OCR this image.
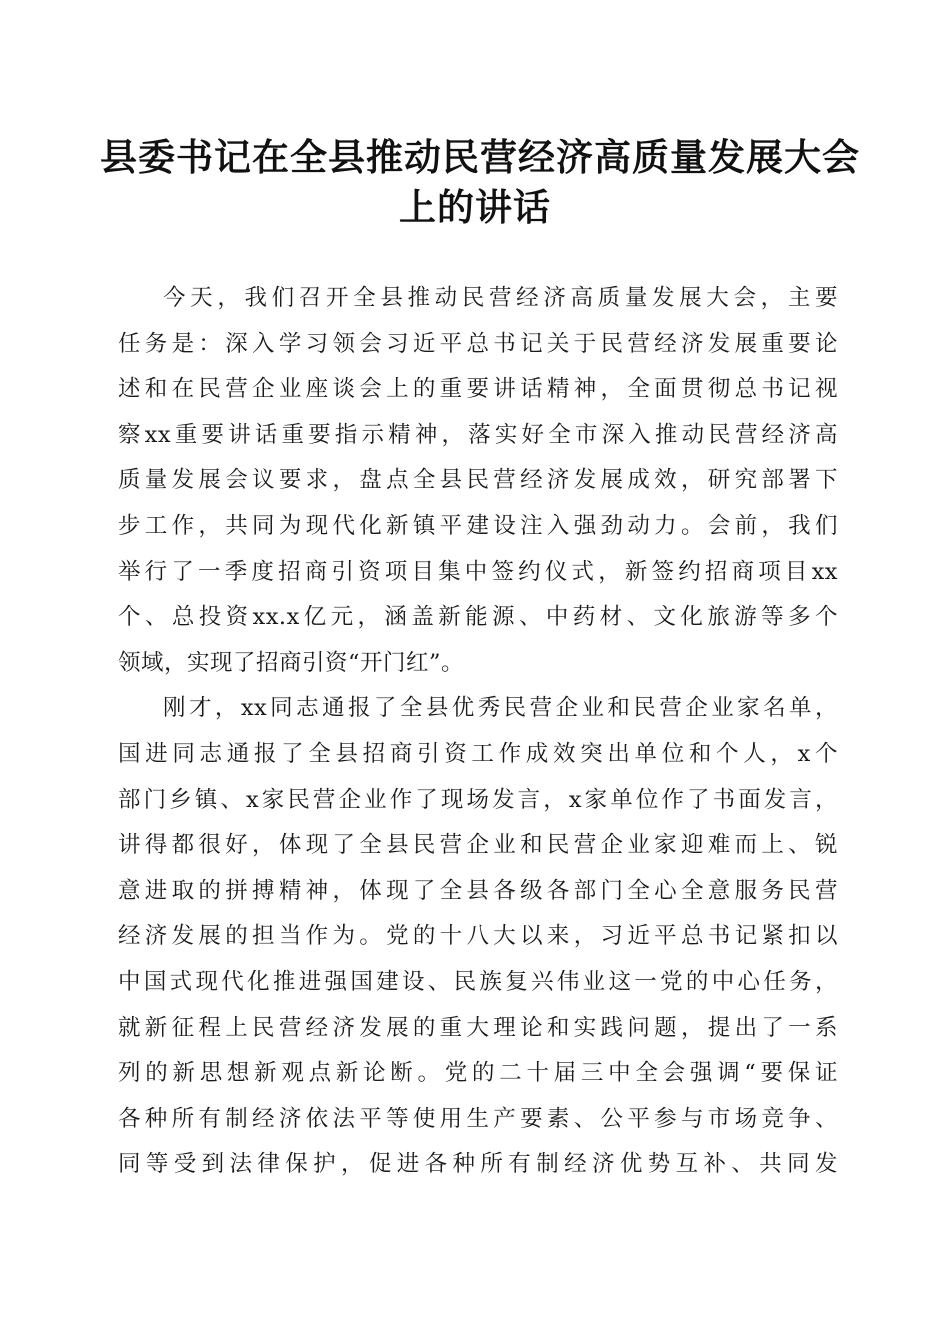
县委书记在全县推动民营经济高质量发展大会
上的讲话

今天，我们召开全县推动民营经济高质量发展大会，主要
任务是：深入学习领会习近平总书记关于民营经济发展重要论
述和在民营企业座谈会上的重要讲话精神，全面贯彻总书记视
察xx重要讲话重要指示精神，落实好全市深入推动民营经济高
质量发展会议要求，盘点全县民营经济发展成效，研究部署下
步工作，共同为现代化新镇平建设注入强劲动力。会前，我们
举行了一季度招商引资项目集中签约仪式，新签约招商项目xx
个、总投资xx.x亿元，涵盖新能源、中药材、文化旅游等多个
领域，实现了招商引资“开门红”。

刚才，xx同志通报了全县优秀民营企业和民营企业家名单，
国进同志通报了全县招商引资工作成效突出单位和个人，x个
部门乡镇、x家民营企业作了现场发言，x家单位作了书面发言，
讲得都很好，体现了全县民营企业和民营企业家迎难而上、锐
意进取的拼搏精神，体现了全县各级各部门全心全意服务民营
经济发展的担当作为。党的十八大以来，习近平总书记紧扣以
中国式现代化推进强国建设、民族复兴伟业这一党的中心任务，
就新征程上民营经济发展的重大理论和实践问题，提出了一系
列的新思想新观点新论断。党的二十届三中全会强调“要保证
各种所有制经济依法平等使用生产要素、公平参与市场竞争、
同等受到法律保护，促进各种所有制经济优势互补、共同发
